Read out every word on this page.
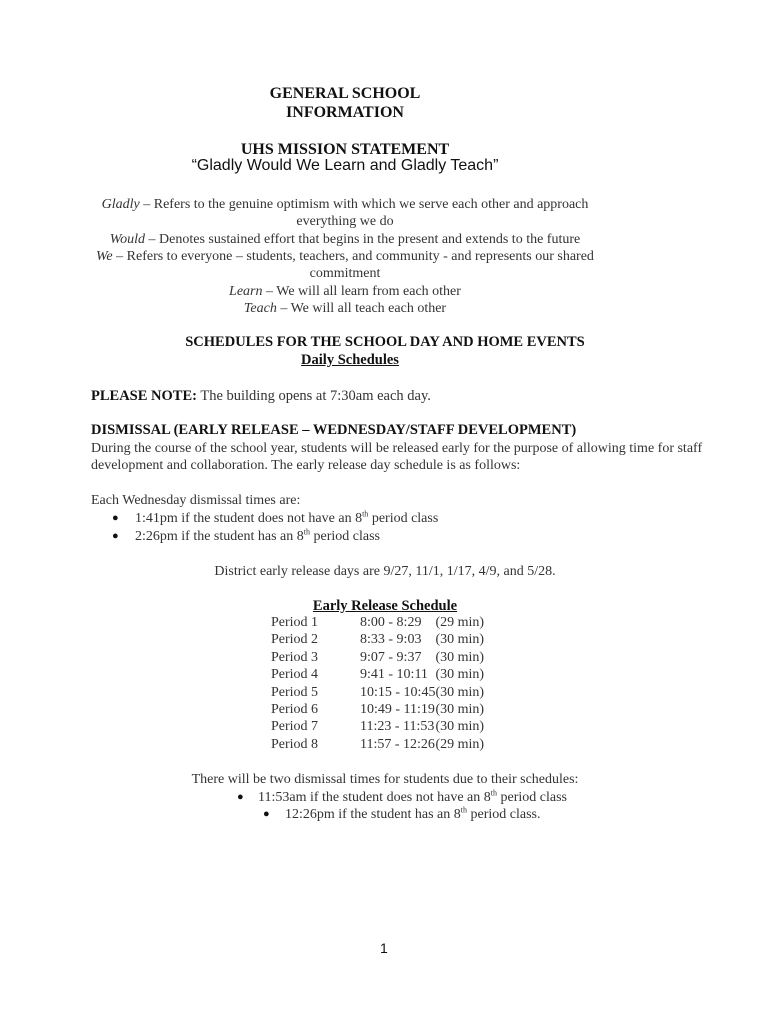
GENERAL SCHOOL
INFORMATION
UHS MISSION STATEMENT
“Gladly Would We Learn and Gladly Teach”
Gladly – Refers to the genuine optimism with which we serve each other and approach
everything we do
Would – Denotes sustained effort that begins in the present and extends to the future
We – Refers to everyone – students, teachers, and community - and represents our shared
commitment
Learn – We will all learn from each other
Teach – We will all teach each other
SCHEDULES FOR THE SCHOOL DAY AND HOME EVENTS
Daily Schedules
PLEASE NOTE: The building opens at 7:30am each day.
DISMISSAL (EARLY RELEASE – WEDNESDAY/STAFF DEVELOPMENT)
During the course of the school year, students will be released early for the purpose of allowing time for staff
development and collaboration. The early release day schedule is as follows:
Each Wednesday dismissal times are:
● 1:41pm if the student does not have an 8th period class
● 2:26pm if the student has an 8th period class
District early release days are 9/27, 11/1, 1/17, 4/9, and 5/28.
Early Release Schedule
Period 1	8:00 - 8:29	(29 min)
Period 2	8:33 - 9:03	(30 min)
Period 3	9:07 - 9:37	(30 min)
Period 4	9:41 - 10:11	(30 min)
Period 5	10:15 - 10:45	(30 min)
Period 6	10:49 - 11:19	(30 min)
Period 7	11:23 - 11:53	(30 min)
Period 8	11:57 - 12:26	(29 min)
There will be two dismissal times for students due to their schedules:
● 11:53am if the student does not have an 8th period class
● 12:26pm if the student has an 8th period class.
1
